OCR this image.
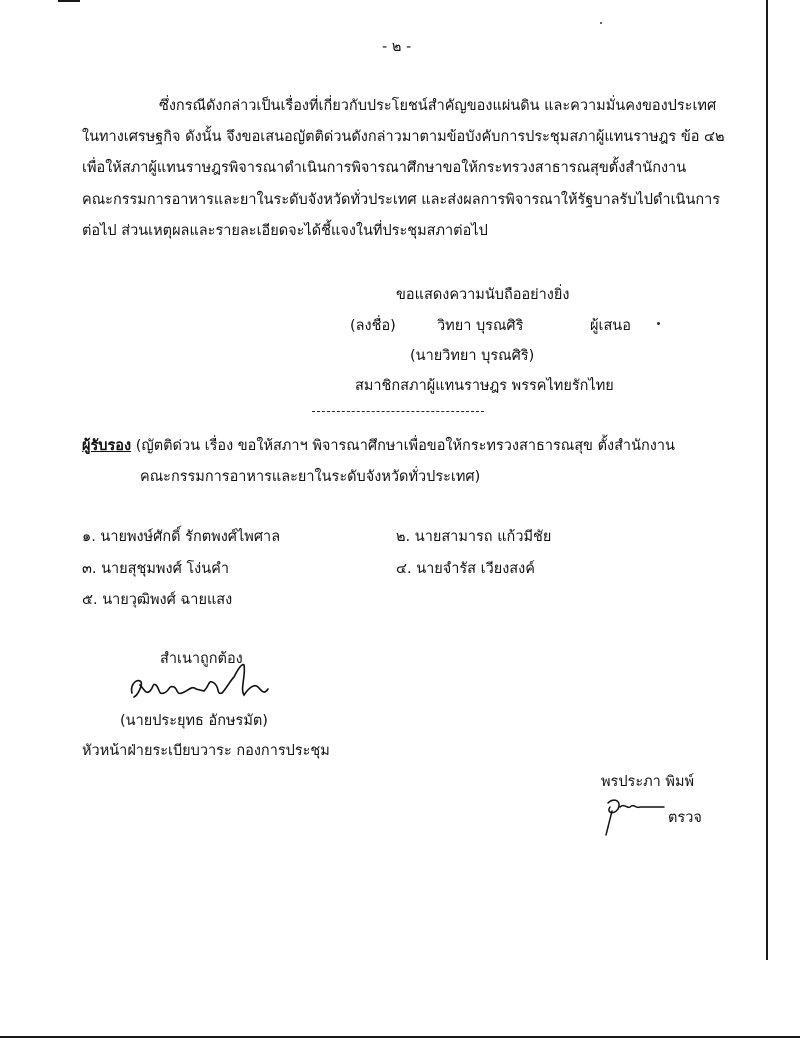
- ๒ -
ซึ่งกรณีดังกล่าวเป็นเรื่องที่เกี่ยวกับประโยชน์สำคัญของแผ่นดิน และความมั่นคงของประเทศ
ในทางเศรษฐกิจ ดังนั้น จึงขอเสนอญัตติด่วนดังกล่าวมาตามข้อบังคับการประชุมสภาผู้แทนราษฎร ข้อ ๔๒
เพื่อให้สภาผู้แทนราษฎรพิจารณาดำเนินการพิจารณาศึกษาขอให้กระทรวงสาธารณสุขตั้งสำนักงาน
คณะกรรมการอาหารและยาในระดับจังหวัดทั่วประเทศ และส่งผลการพิจารณาให้รัฐบาลรับไปดำเนินการ
ต่อไป ส่วนเหตุผลและรายละเอียดจะได้ชี้แจงในที่ประชุมสภาต่อไป
ขอแสดงความนับถืออย่างยิ่ง
(ลงชื่อ)	วิทยา บุรณศิริ	ผู้เสนอ
(นายวิทยา บุรณศิริ)
สมาชิกสภาผู้แทนราษฎร พรรคไทยรักไทย
ผู้รับรอง (ญัตติด่วน เรื่อง ขอให้สภาฯ พิจารณาศึกษาเพื่อขอให้กระทรวงสาธารณสุข ตั้งสำนักงาน
คณะกรรมการอาหารและยาในระดับจังหวัดทั่วประเทศ)
๑. นายพงษ์ศักดิ์ รักตพงศ์ไพศาล	๒. นายสามารถ แก้วมีชัย
๓. นายสุชุมพงศ์ โง่นคำ	๔. นายจำรัส เวียงสงค์
๕. นายวุฒิพงศ์ ฉายแสง
สำเนาถูกต้อง
(นายประยุทธ อักษรมัต)
หัวหน้าฝ่ายระเบียบวาระ กองการประชุม
พรประภา พิมพ์
ตรวจ
